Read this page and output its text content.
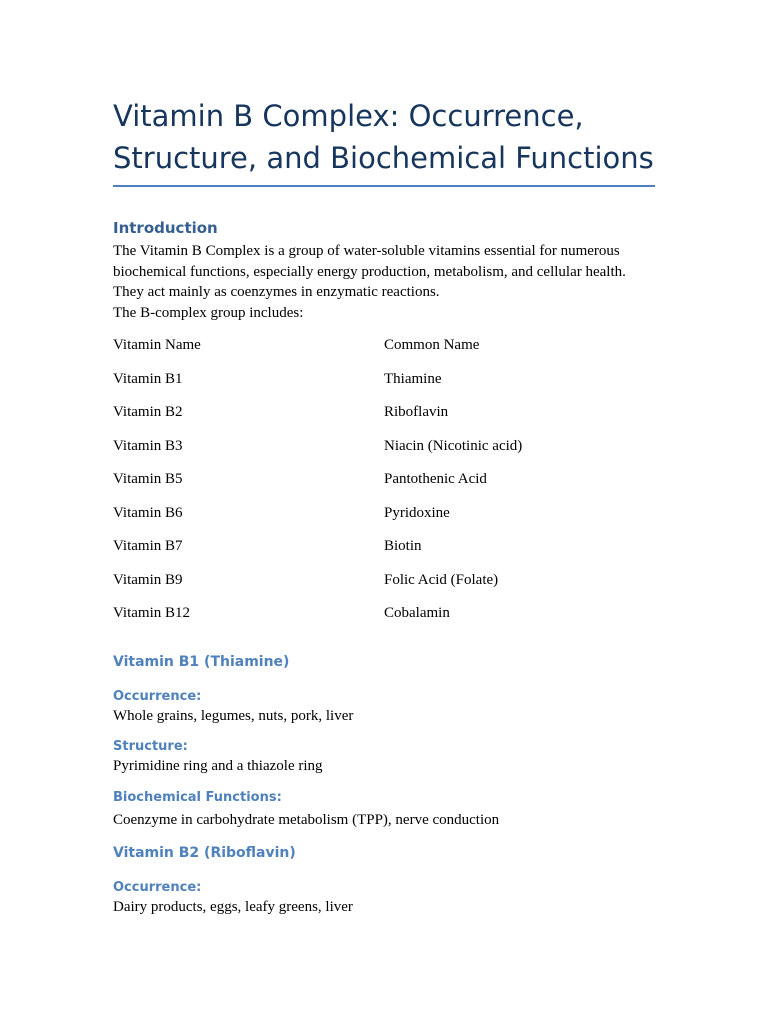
Vitamin B Complex: Occurrence, Structure, and Biochemical Functions
Introduction

The Vitamin B Complex is a group of water-soluble vitamins essential for numerous biochemical functions, especially energy production, metabolism, and cellular health. They act mainly as coenzymes in enzymatic reactions.

The B-complex group includes:

Vitamin Name	Common Name
Vitamin B1	Thiamine
Vitamin B2	Riboflavin
Vitamin B3	Niacin (Nicotinic acid)
Vitamin B5	Pantothenic Acid
Vitamin B6	Pyridoxine
Vitamin B7	Biotin
Vitamin B9	Folic Acid (Folate)
Vitamin B12	Cobalamin
Vitamin B1 (Thiamine)
Occurrence:

Whole grains, legumes, nuts, pork, liver

Structure:

Pyrimidine ring and a thiazole ring

Biochemical Functions:

Coenzyme in carbohydrate metabolism (TPP), nerve conduction

Vitamin B2 (Riboflavin)
Occurrence:

Dairy products, eggs, leafy greens, liver
